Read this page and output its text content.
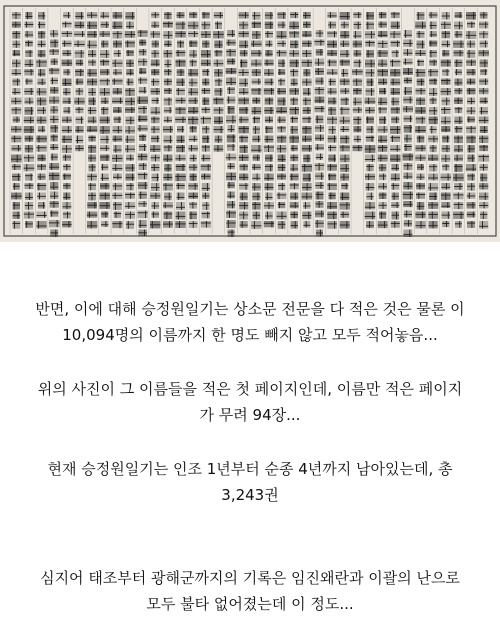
반면, 이에 대해 승정원일기는 상소문 전문을 다 적은 것은 물론 이
10,094명의 이름까지 한 명도 빼지 않고 모두 적어놓음...
위의 사진이 그 이름들을 적은 첫 페이지인데, 이름만 적은 페이지
가 무려 94장...
현재 승정원일기는 인조 1년부터 순종 4년까지 남아있는데, 총
3,243권
심지어 태조부터 광해군까지의 기록은 임진왜란과 이괄의 난으로
모두 불타 없어졌는데 이 정도...
